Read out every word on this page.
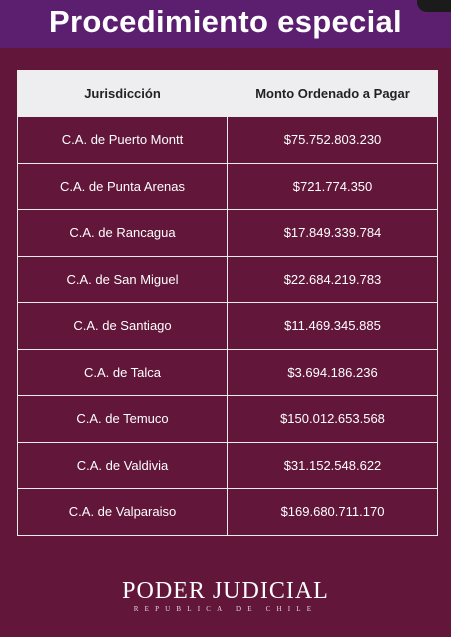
Procedimiento especial
Jurisdicción	Monto Ordenado a Pagar
C.A. de Puerto Montt	$75.752.803.230
C.A. de Punta Arenas	$721.774.350
C.A. de Rancagua	$17.849.339.784
C.A. de San Miguel	$22.684.219.783
C.A. de Santiago	$11.469.345.885
C.A. de Talca	$3.694.186.236
C.A. de Temuco	$150.012.653.568
C.A. de Valdivia	$31.152.548.622
C.A. de Valparaiso	$169.680.711.170
PODER JUDICIAL
REPUBLICA DE CHILE
